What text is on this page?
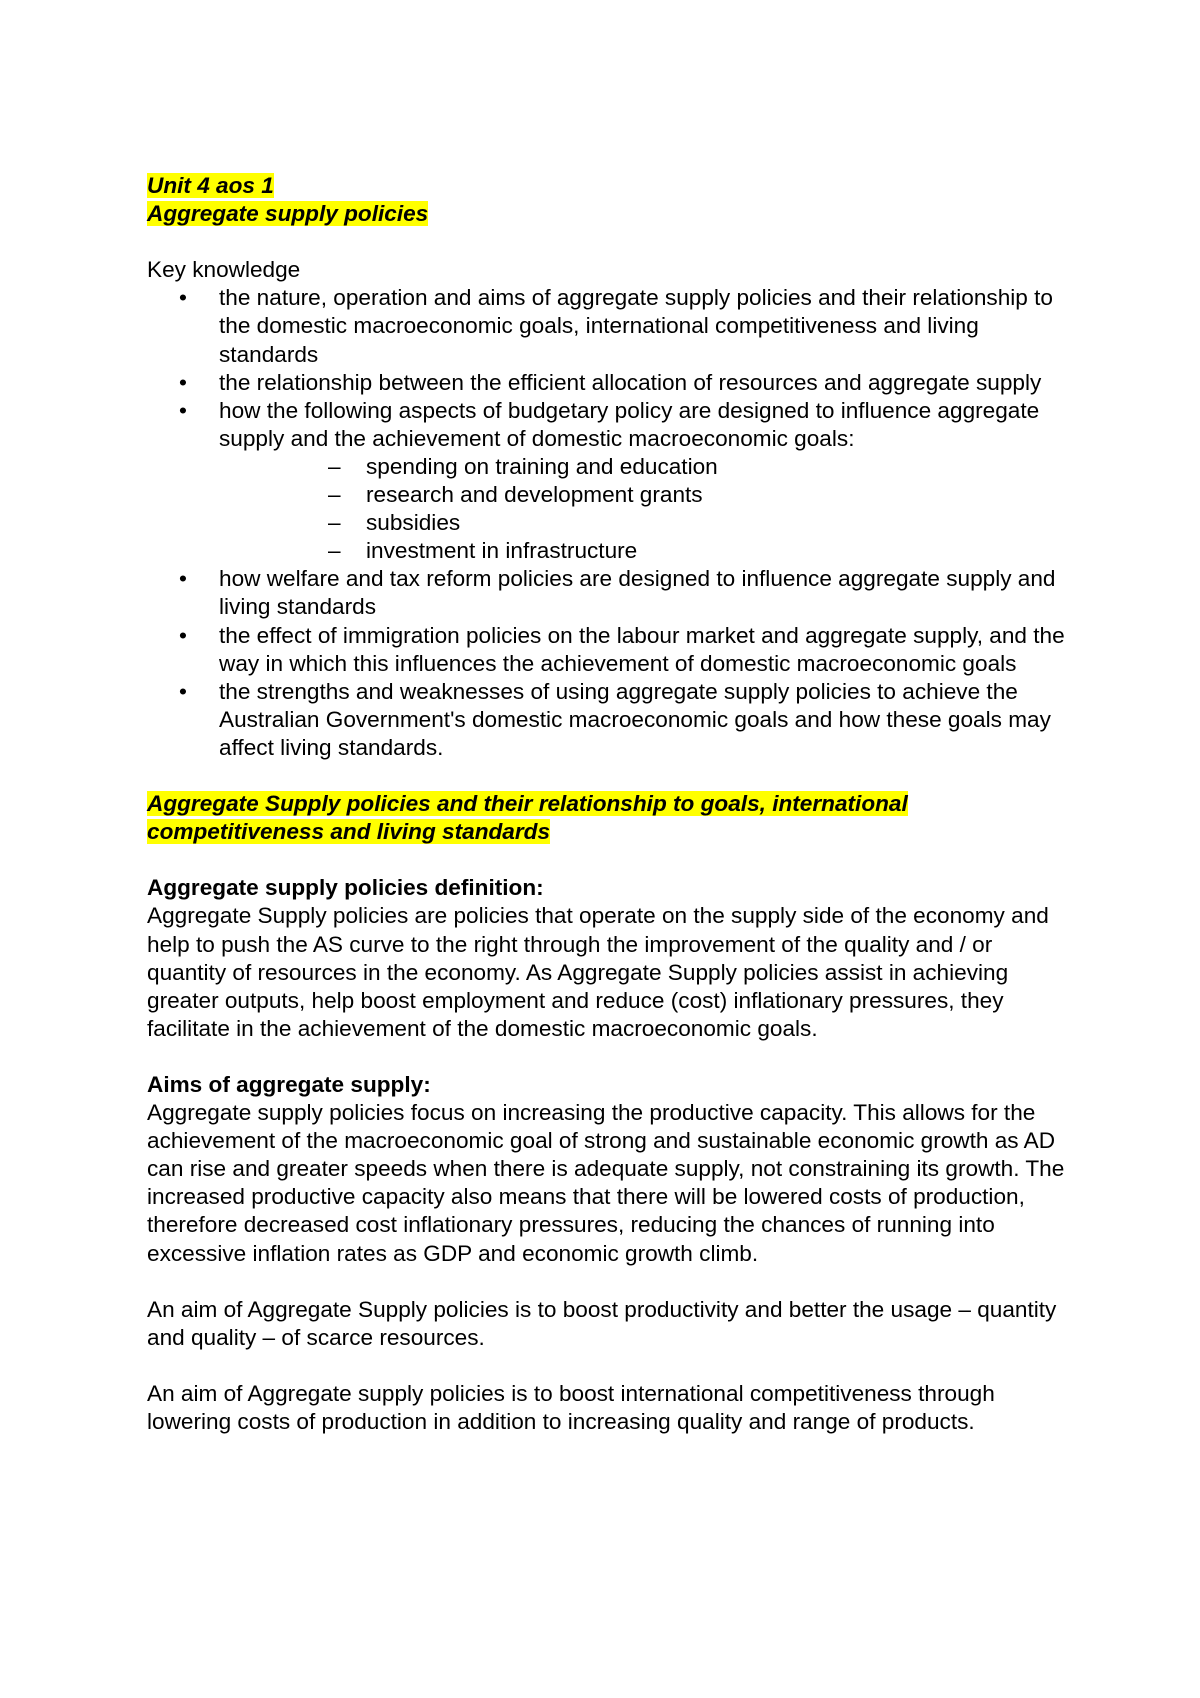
Unit 4 aos 1
Aggregate supply policies

Key knowledge

• the nature, operation and aims of aggregate supply policies and their relationship to the domestic macroeconomic goals, international competitiveness and living standards
• the relationship between the efficient allocation of resources and aggregate supply
• how the following aspects of budgetary policy are designed to influence aggregate supply and the achievement of domestic macroeconomic goals:
– spending on training and education
– research and development grants
– subsidies
– investment in infrastructure
• how welfare and tax reform policies are designed to influence aggregate supply and living standards
• the effect of immigration policies on the labour market and aggregate supply, and the way in which this influences the achievement of domestic macroeconomic goals
• the strengths and weaknesses of using aggregate supply policies to achieve the Australian Government's domestic macroeconomic goals and how these goals may affect living standards.

Aggregate Supply policies and their relationship to goals, international competitiveness and living standards

Aggregate supply policies definition:

Aggregate Supply policies are policies that operate on the supply side of the economy and help to push the AS curve to the right through the improvement of the quality and / or quantity of resources in the economy. As Aggregate Supply policies assist in achieving greater outputs, help boost employment and reduce (cost) inflationary pressures, they facilitate in the achievement of the domestic macroeconomic goals.

Aims of aggregate supply:

Aggregate supply policies focus on increasing the productive capacity. This allows for the achievement of the macroeconomic goal of strong and sustainable economic growth as AD can rise and greater speeds when there is adequate supply, not constraining its growth. The increased productive capacity also means that there will be lowered costs of production, therefore decreased cost inflationary pressures, reducing the chances of running into excessive inflation rates as GDP and economic growth climb.

An aim of Aggregate Supply policies is to boost productivity and better the usage – quantity and quality – of scarce resources.

An aim of Aggregate supply policies is to boost international competitiveness through lowering costs of production in addition to increasing quality and range of products.
